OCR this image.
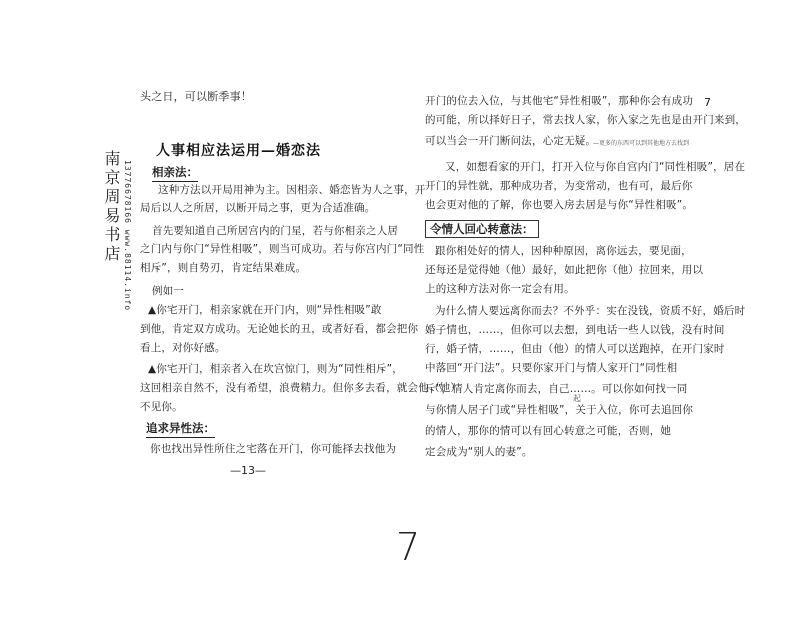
南京周易书店 13776678166 www.88114.info
头之日，可以断季事！
人事相应法运用—婚恋法
相亲法：
这种方法以开局用神为主。因相亲、婚恋皆为人之事，开
局后以人之所居，以断开局之事，更为合适准确。
首先要知道自己所居宫内的门星，若与你相亲之人居
之门内与你门“异性相吸”，则当可成功。若与你宫内门“同性
相斥”，则自势刃，肯定结果难成。
例如一
▲你宅开门，相亲家就在开门内，则“异性相吸”敢
到他，肯定双方成功。无论她长的丑，或者好看，都会把你
看上，对你好感。
▲你宅开门，相亲者入在坎宫惊门，则为“同性相斥”，
这回相亲自然不，没有希望，浪费精力。但你多去看，就会他（她）
不见你。
追求异性法：
你也找出异性所住之宅落在开门，你可能择去找他为
—13—
7
开门的位去入位，与其他宅“异性相吸”，那种你会有成功
的可能，所以择好日子，常去找人家，你入家之先也是由开门来到，
可以当会一开门断问法，心定无疑。
—更多的东西可以到其他地方去找到
又，如想看家的开门，打开入位与你自宫内门“同性相吸”，居在
开门的异性就，那种成功者，为变常动，也有可，最后你
也会更对他的了解，你也要入房去居是与你“异性相吸”。
令情人回心转意法：
跟你相处好的情人，因种种原因，离你远去，要见面，
还每还是觉得她（他）最好，如此把你（他）拉回来，用以
上的这种方法对你一定会有用。
为什么情人要远离你而去？不外乎：实在没钱，资质不好，婚后时
婚子情也，……，但你可以去想，到电话一些人以钱，没有时间
行，婚子情，……，但由（他）的情人可以送跑掉，在开门家时
中落回“开门法”。只要你家开门与情人家开门“同性相
斥”，情人肯定离你而去，自己……。可以你如何找一同
起
与你情人居子门或“异性相吸”，关于入位，你可去追回你
的情人，那你的情可以有回心转意之可能，否则，她
定会成为“别人的妻”。
7
